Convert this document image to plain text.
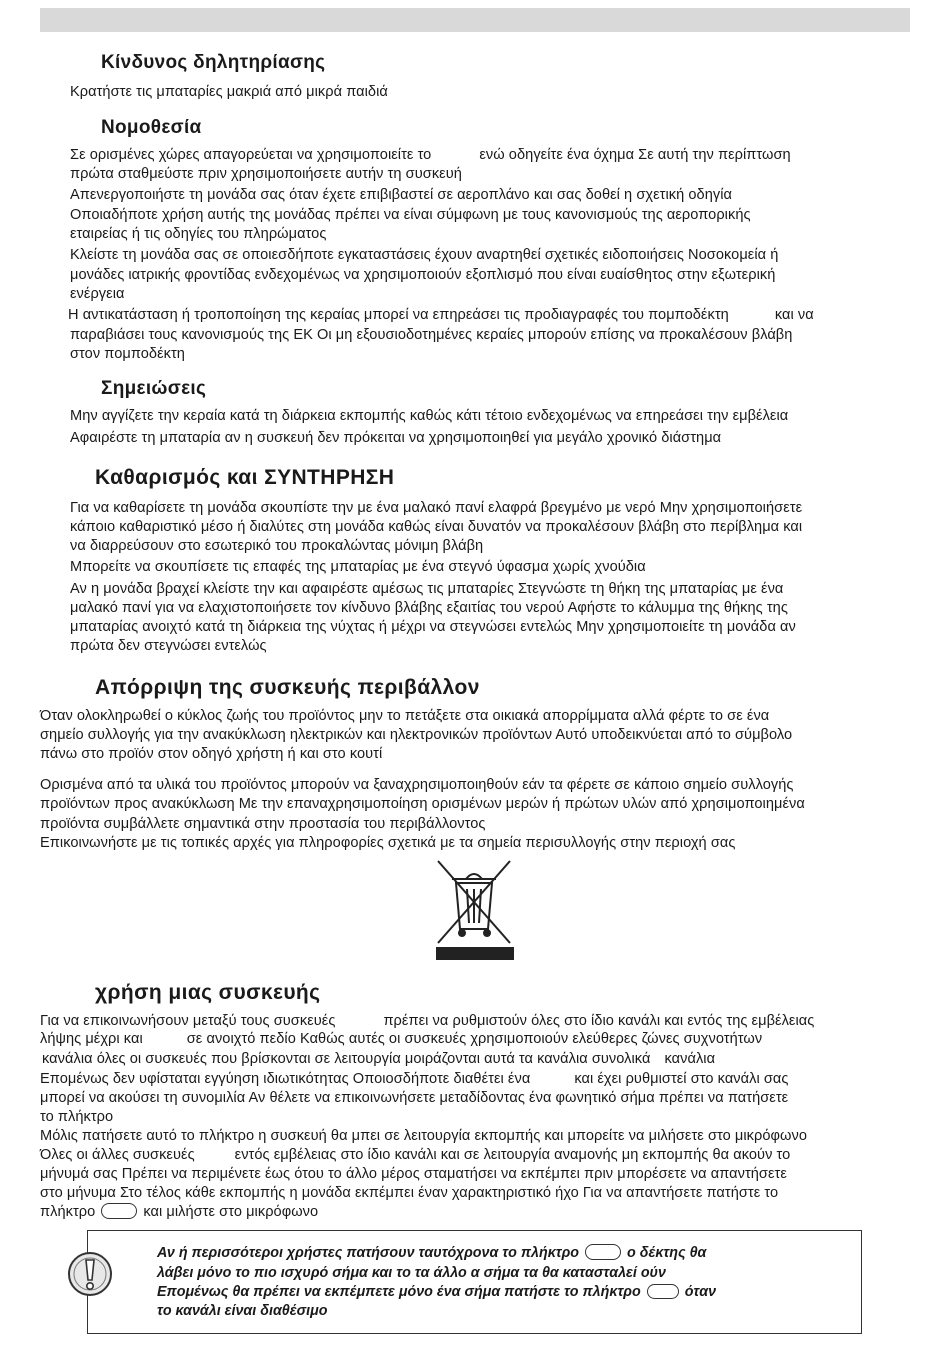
Κίνδυνος δηλητηρίασης
Κρατήστε τις μπαταρίες μακριά από μικρά παιδιά
Νομοθεσία
Σε ορισμένες χώρες απαγορεύεται να χρησιμοποιείτε το	ενώ οδηγείτε ένα όχημα Σε αυτή την περίπτωση
πρώτα σταθμεύστε πριν χρησιμοποιήσετε αυτήν τη συσκευή
Απενεργοποιήστε τη μονάδα σας όταν έχετε επιβιβαστεί σε αεροπλάνο και σας δοθεί η σχετική οδηγία
Οποιαδήποτε χρήση αυτής της μονάδας πρέπει να είναι σύμφωνη με τους κανονισμούς της αεροπορικής
εταιρείας ή τις οδηγίες του πληρώματος
Κλείστε τη μονάδα σας σε οποιεσδήποτε εγκαταστάσεις έχουν αναρτηθεί σχετικές ειδοποιήσεις Νοσοκομεία ή
μονάδες ιατρικής φροντίδας ενδεχομένως να χρησιμοποιούν εξοπλισμό που είναι ευαίσθητος στην εξωτερική
ενέργεια
Η αντικατάσταση ή τροποποίηση της κεραίας μπορεί να επηρεάσει τις προδιαγραφές του πομποδέκτη	και να
παραβιάσει τους κανονισμούς της ΕΚ Οι μη εξουσιοδοτημένες κεραίες μπορούν επίσης να προκαλέσουν βλάβη
στον πομποδέκτη
Σημειώσεις
Μην αγγίζετε την κεραία κατά τη διάρκεια εκπομπής καθώς κάτι τέτοιο ενδεχομένως να επηρεάσει την εμβέλεια
Αφαιρέστε τη μπαταρία αν η συσκευή δεν πρόκειται να χρησιμοποιηθεί για μεγάλο χρονικό διάστημα
Καθαρισμός και ΣΥΝΤΗΡΗΣΗ
Για να καθαρίσετε τη μονάδα σκουπίστε την με ένα μαλακό πανί ελαφρά βρεγμένο με νερό Μην χρησιμοποιήσετε
κάποιο καθαριστικό μέσο ή διαλύτες στη μονάδα καθώς είναι δυνατόν να προκαλέσουν βλάβη στο περίβλημα και
να διαρρεύσουν στο εσωτερικό του προκαλώντας μόνιμη βλάβη
Μπορείτε να σκουπίσετε τις επαφές της μπαταρίας με ένα στεγνό ύφασμα χωρίς χνούδια
Αν η μονάδα βραχεί κλείστε την και αφαιρέστε αμέσως τις μπαταρίες Στεγνώστε τη θήκη της μπαταρίας με ένα
μαλακό πανί για να ελαχιστοποιήσετε τον κίνδυνο βλάβης εξαιτίας του νερού Αφήστε το κάλυμμα της θήκης της
μπαταρίας ανοιχτό κατά τη διάρκεια της νύχτας ή μέχρι να στεγνώσει εντελώς Μην χρησιμοποιείτε τη μονάδα αν
πρώτα δεν στεγνώσει εντελώς
Απόρριψη της συσκευής περιβάλλον
Όταν ολοκληρωθεί ο κύκλος ζωής του προϊόντος μην το πετάξετε στα οικιακά απορρίμματα αλλά φέρτε το σε ένα
σημείο συλλογής για την ανακύκλωση ηλεκτρικών και ηλεκτρονικών προϊόντων Αυτό υποδεικνύεται από το σύμβολο
πάνω στο προϊόν στον οδηγό χρήστη ή και στο κουτί
Ορισμένα από τα υλικά του προϊόντος μπορούν να ξαναχρησιμοποιηθούν εάν τα φέρετε σε κάποιο σημείο συλλογής
προϊόντων προς ανακύκλωση Με την επαναχρησιμοποίηση ορισμένων μερών ή πρώτων υλών από χρησιμοποιημένα
προϊόντα συμβάλλετε σημαντικά στην προστασία του περιβάλλοντος
Επικοινωνήστε με τις τοπικές αρχές για πληροφορίες σχετικά με τα σημεία περισυλλογής στην περιοχή σας
χρήση μιας συσκευής
Για να επικοινωνήσουν μεταξύ τους συσκευές	πρέπει να ρυθμιστούν όλες στο ίδιο κανάλι και εντός της εμβέλειας
λήψης μέχρι και	σε ανοιχτό πεδίο Καθώς αυτές οι συσκευές χρησιμοποιούν ελεύθερες ζώνες συχνοτήτων
κανάλια όλες οι συσκευές που βρίσκονται σε λειτουργία μοιράζονται αυτά τα κανάλια συνολικά κανάλια
Επομένως δεν υφίσταται εγγύηση ιδιωτικότητας Οποιοσδήποτε διαθέτει ένα	και έχει ρυθμιστεί στο κανάλι σας
μπορεί να ακούσει τη συνομιλία Αν θέλετε να επικοινωνήσετε μεταδίδοντας ένα φωνητικό σήμα πρέπει να πατήσετε
το πλήκτρο
Μόλις πατήσετε αυτό το πλήκτρο η συσκευή θα μπει σε λειτουργία εκπομπής και μπορείτε να μιλήσετε στο μικρόφωνο
Όλες οι άλλες συσκευές	εντός εμβέλειας στο ίδιο κανάλι και σε λειτουργία αναμονής μη εκπομπής θα ακούν το
μήνυμά σας Πρέπει να περιμένετε έως ότου το άλλο μέρος σταματήσει να εκπέμπει πριν μπορέσετε να απαντήσετε
στο μήνυμα Στο τέλος κάθε εκπομπής η μονάδα εκπέμπει έναν χαρακτηριστικό ήχο Για να απαντήσετε πατήστε το
πλήκτρο	και μιλήστε στο μικρόφωνο
Αν ή περισσότεροι χρήστες πατήσουν ταυτόχρονα το πλήκτρο	ο δέκτης θα
λάβει μόνο το πιο ισχυρό σήμα και το τα άλλο α σήμα τα θα κατασταλεί ούν
Επομένως θα πρέπει να εκπέμπετε μόνο ένα σήμα πατήστε το πλήκτρο	όταν
το κανάλι είναι διαθέσιμο
